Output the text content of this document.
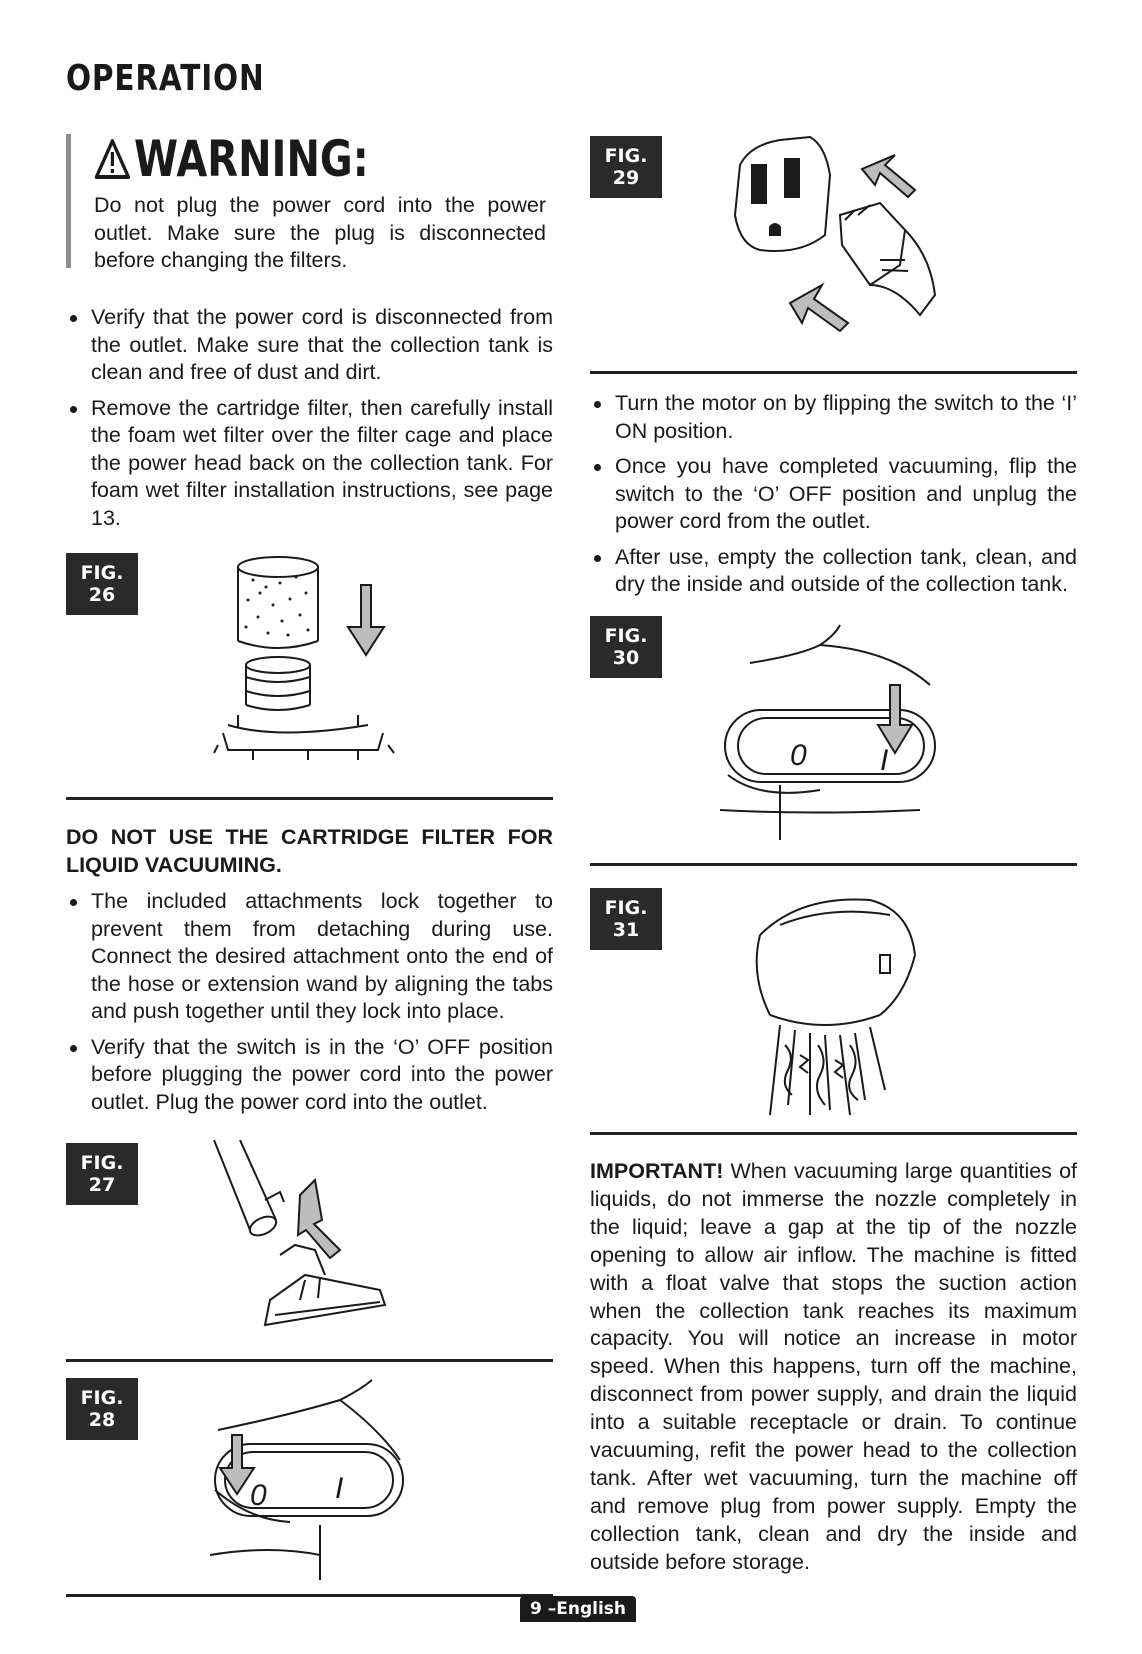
OPERATION
WARNING:

Do not plug the power cord into the power outlet. Make sure the plug is disconnected before changing the filters.

Verify that the power cord is disconnected from the outlet. Make sure that the collection tank is clean and free of dust and dirt.
Remove the cartridge filter, then carefully install the foam wet filter over the filter cage and place the power head back on the collection tank. For foam wet filter installation instructions, see page 13.
FIG. 26

DO NOT USE THE CARTRIDGE FILTER FOR LIQUID VACUUMING.

The included attachments lock together to prevent them from detaching during use. Connect the desired attachment onto the end of the hose or extension wand by aligning the tabs and push together until they lock into place.
Verify that the switch is in the ‘O’ OFF position before plugging the power cord into the power outlet. Plug the power cord into the outlet.
FIG. 27
FIG. 28
0 I
FIG. 29
Turn the motor on by flipping the switch to the ‘I’ ON position.
Once you have completed vacuuming, flip the switch to the ‘O’ OFF position and unplug the power cord from the outlet.
After use, empty the collection tank, clean, and dry the inside and outside of the collection tank.
FIG. 30
0 I
FIG. 31

IMPORTANT! When vacuuming large quantities of liquids, do not immerse the nozzle completely in the liquid; leave a gap at the tip of the nozzle opening to allow air inflow. The machine is fitted with a float valve that stops the suction action when the collection tank reaches its maximum capacity. You will notice an increase in motor speed. When this happens, turn off the machine, disconnect from power supply, and drain the liquid into a suitable receptacle or drain. To continue vacuuming, refit the power head to the collection tank. After wet vacuuming, turn the machine off and remove plug from power supply. Empty the collection tank, clean and dry the inside and outside before storage.

9 –English
